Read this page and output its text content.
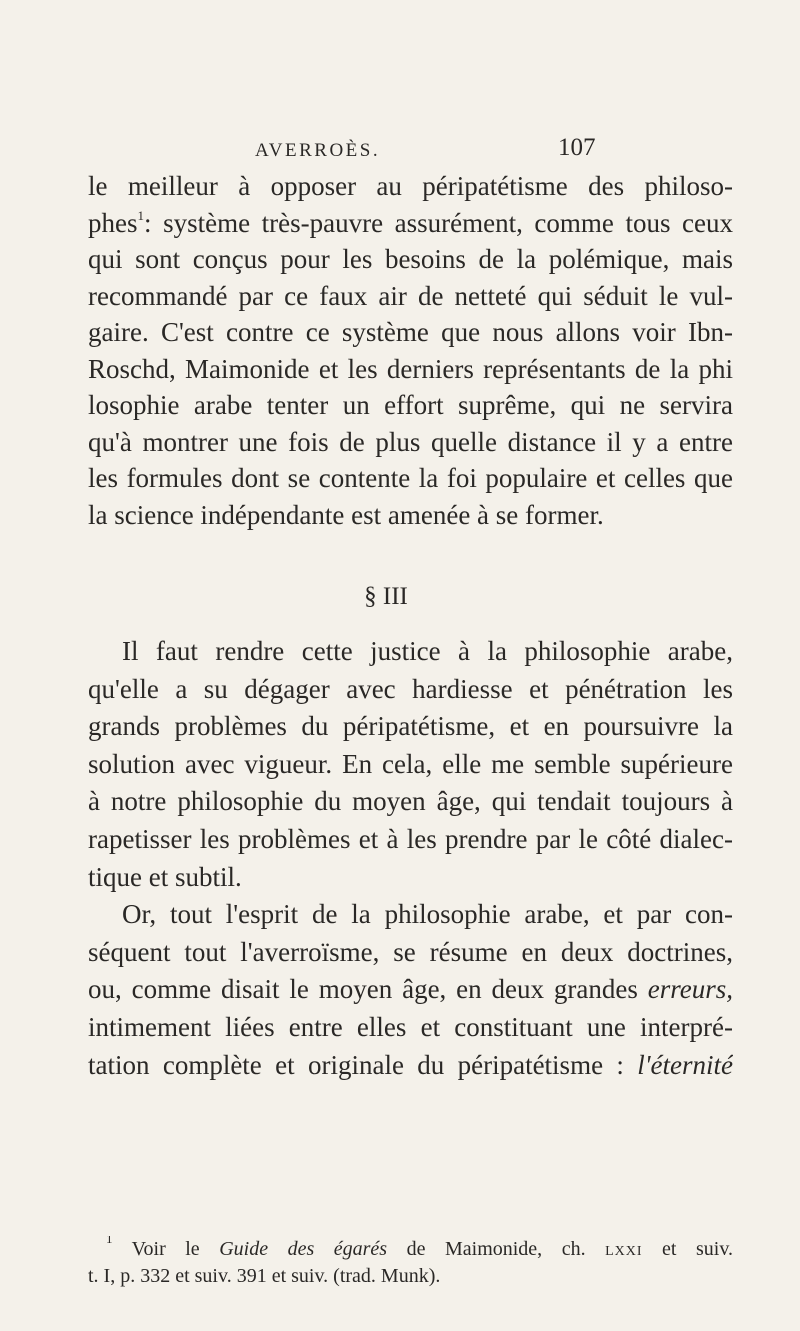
AVERROÈS.	107
le meilleur à opposer au péripatétisme des philoso-
phes$^1$: système très-pauvre assurément, comme tous ceux
qui sont conçus pour les besoins de la polémique, mais
recommandé par ce faux air de netteté qui séduit le vul-
gaire. C'est contre ce système que nous allons voir Ibn-
Roschd, Maimonide et les derniers représentants de la phi
losophie arabe tenter un effort suprême, qui ne servira
qu'à montrer une fois de plus quelle distance il y a entre
les formules dont se contente la foi populaire et celles que
la science indépendante est amenée à se former.
§ III
Il faut rendre cette justice à la philosophie arabe,
qu'elle a su dégager avec hardiesse et pénétration les
grands problèmes du péripatétisme, et en poursuivre la
solution avec vigueur. En cela, elle me semble supérieure
à notre philosophie du moyen âge, qui tendait toujours à
rapetisser les problèmes et à les prendre par le côté dialec-
tique et subtil.
Or, tout l'esprit de la philosophie arabe, et par con-
séquent tout l'averroïsme, se résume en deux doctrines,
ou, comme disait le moyen âge, en deux grandes erreurs,
intimement liées entre elles et constituant une interpré-
tation complète et originale du péripatétisme : l'éternité
$^1$ Voir le Guide des égarés de Maimonide, ch. lxxi et suiv.
t. I, p. 332 et suiv. 391 et suiv. (trad. Munk).
